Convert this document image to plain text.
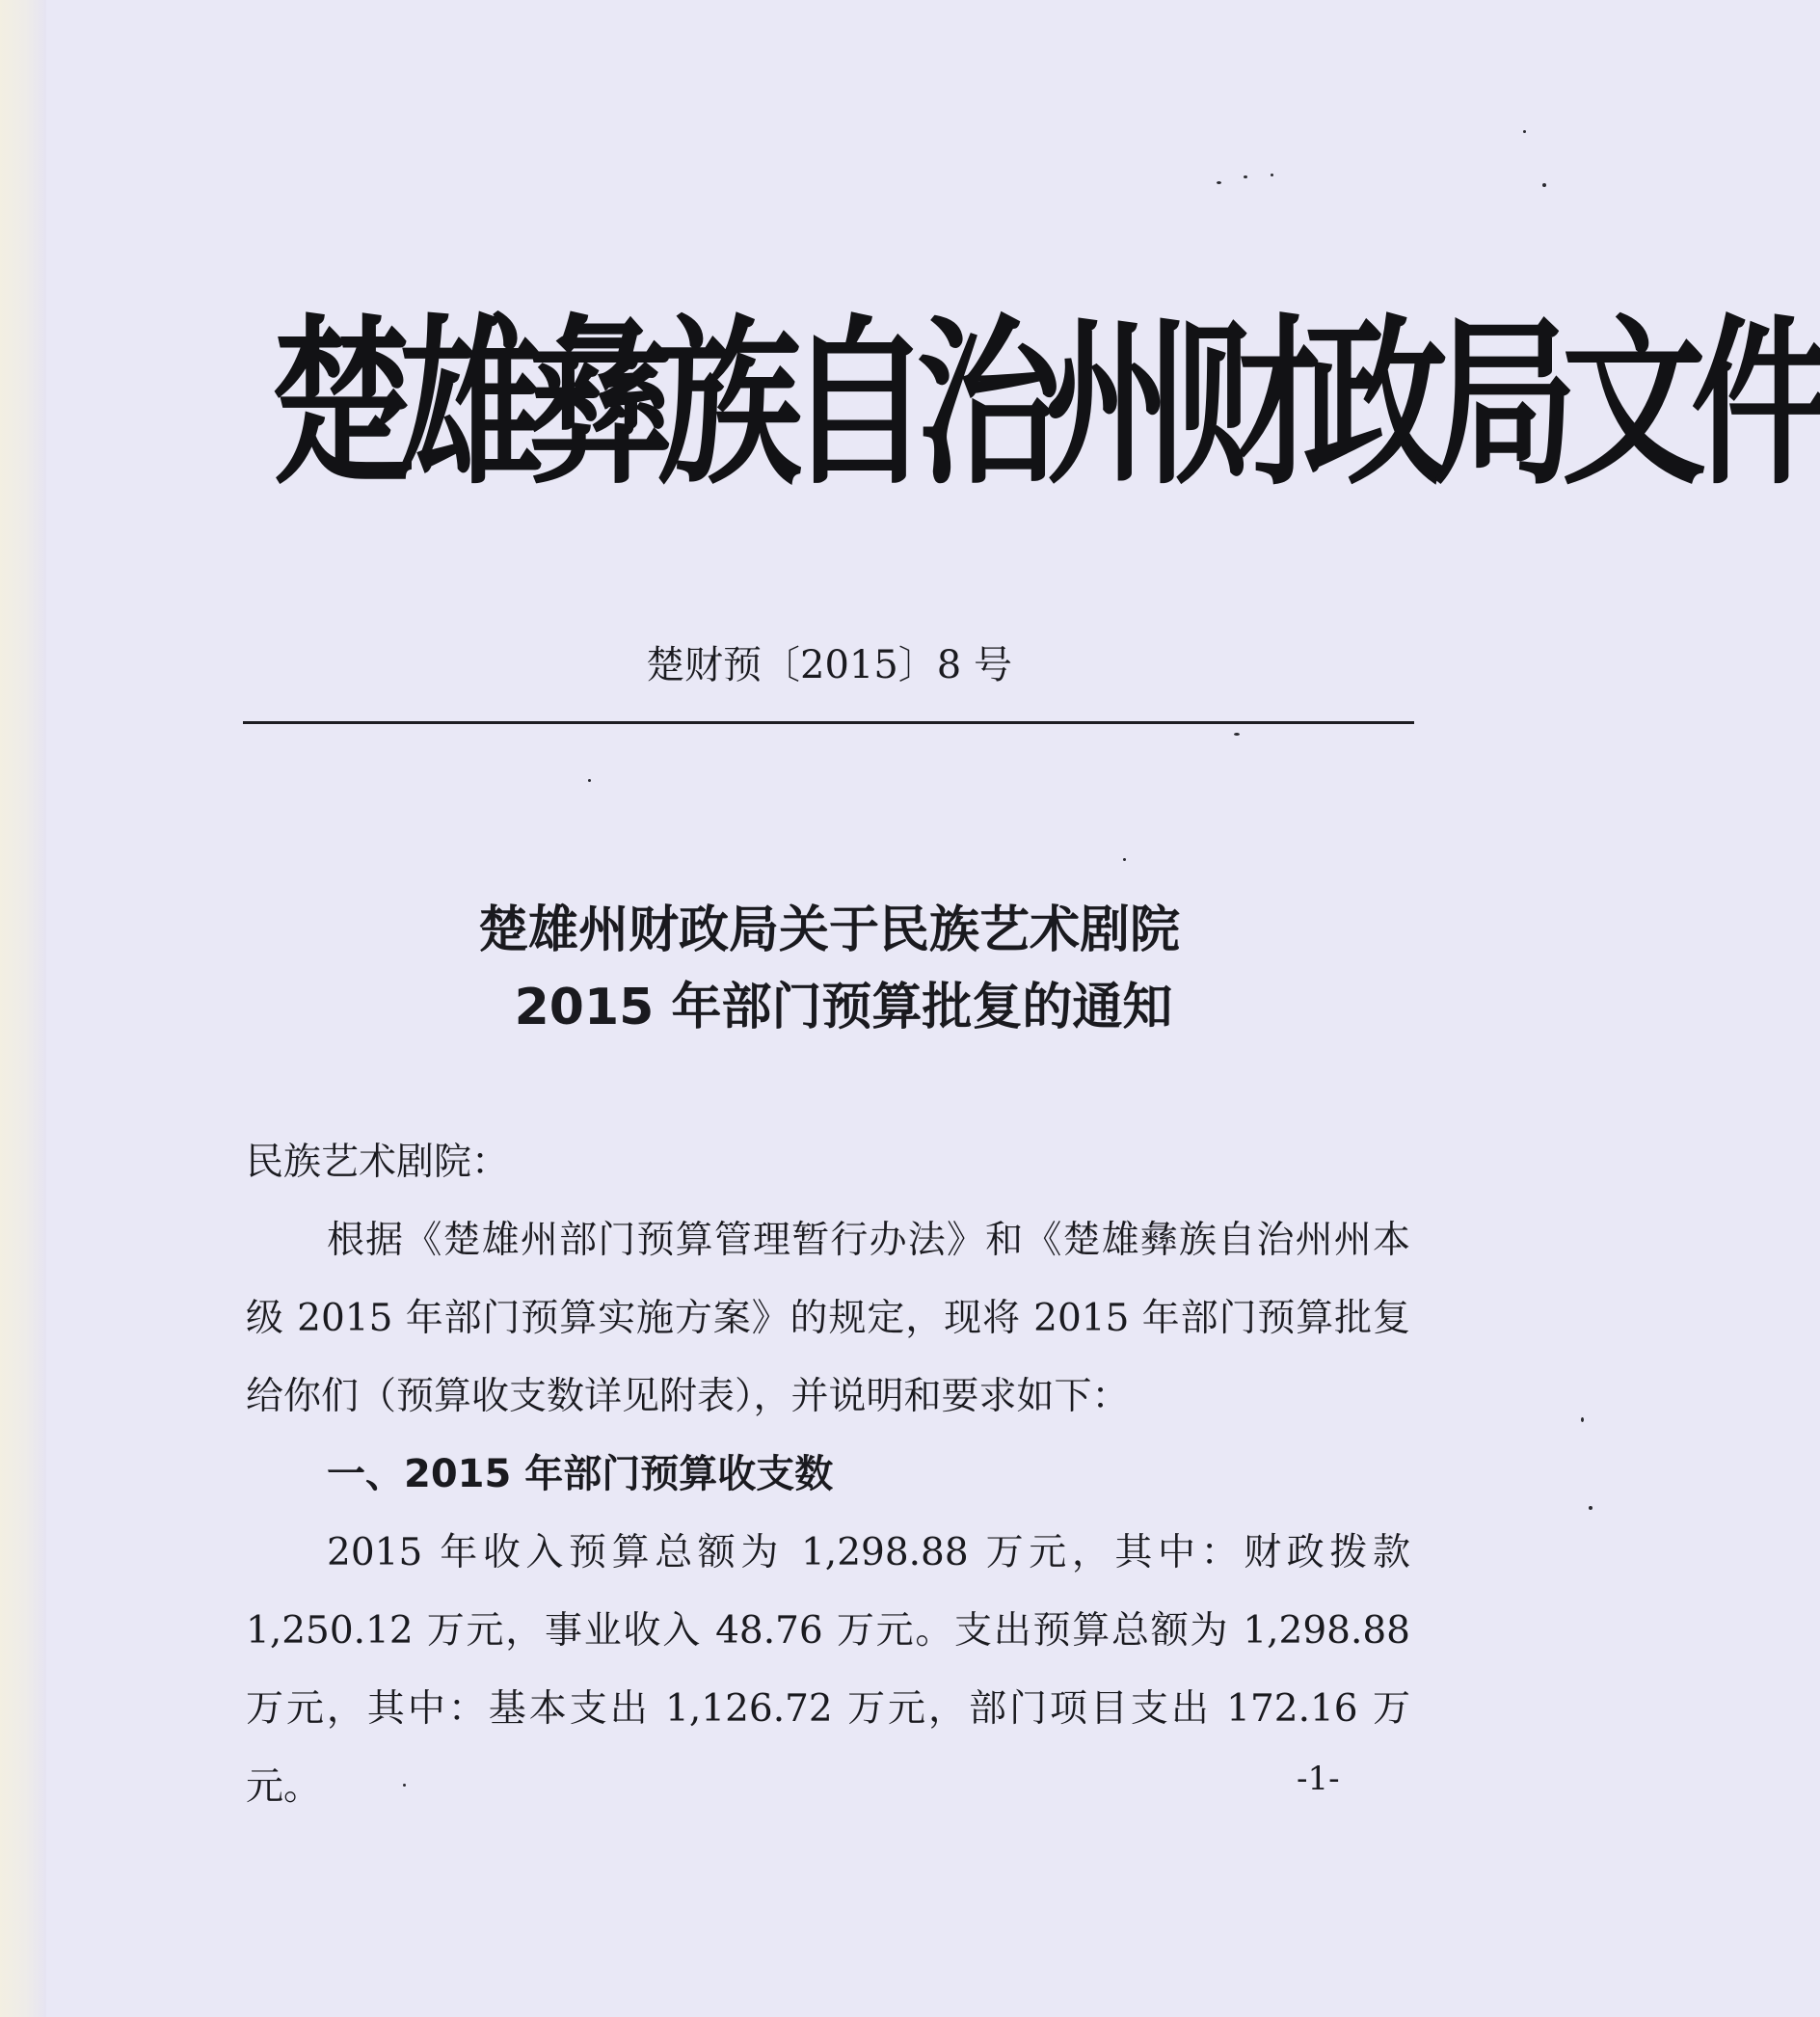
楚雄彝族自治州财政局文件
楚财预〔2015〕8 号
楚雄州财政局关于民族艺术剧院
2015 年部门预算批复的通知

民族艺术剧院：

根据《楚雄州部门预算管理暂行办法》和《楚雄彝族自治州州本级 2015 年部门预算实施方案》的规定，现将 2015 年部门预算批复给你们（预算收支数详见附表），并说明和要求如下：

一、2015 年部门预算收支数

2015 年收入预算总额为 1,298.88 万元，其中：财政拨款 1,250.12 万元，事业收入 48.76 万元。支出预算总额为 1,298.88 万元，其中：基本支出 1,126.72 万元，部门项目支出 172.16 万元。	-1-
